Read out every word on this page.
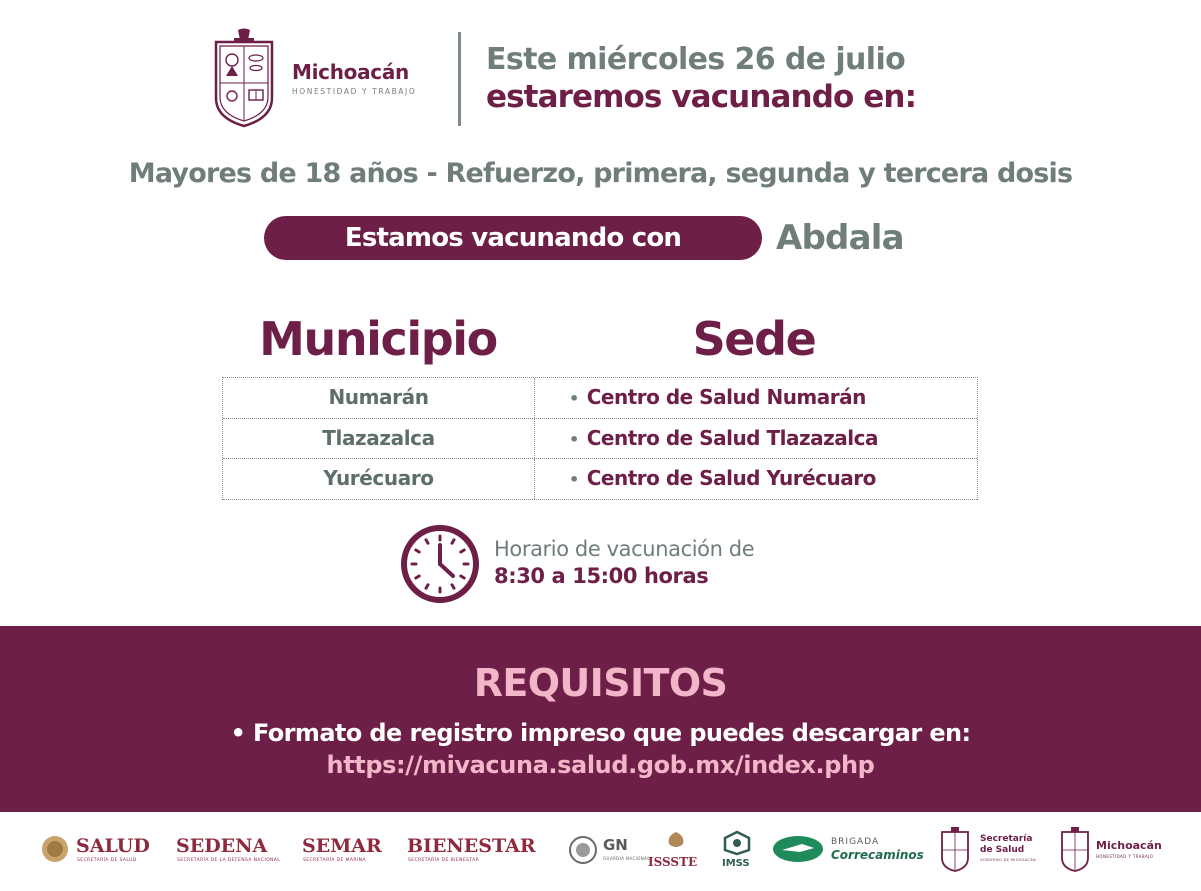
Michoacán
HONESTIDAD Y TRABAJO
Este miércoles 26 de julio
estaremos vacunando en:
Mayores de 18 años - Refuerzo, primera, segunda y tercera dosis
Estamos vacunando con	Abdala
Municipio	Sede
Numarán	• Centro de Salud Numarán
Tlazazalca	• Centro de Salud Tlazazalca
Yurécuaro	• Centro de Salud Yurécuaro
Horario de vacunación de
8:30 a 15:00 horas
REQUISITOS
• Formato de registro impreso que puedes descargar en:
https://mivacuna.salud.gob.mx/index.php
SALUD
SECRETARÍA DE SALUD
SEDENA
SECRETARÍA DE LA DEFENSA NACIONAL
SEMAR
SECRETARÍA DE MARINA
BIENESTAR
SECRETARÍA DE BIENESTAR
GN
GUARDIA NACIONAL
ISSSTE IMSS
BRIGADA
Correcaminos
Secretaría
de Salud
GOBIERNO DE MICHOACÁN
Michoacán
HONESTIDAD Y TRABAJO
